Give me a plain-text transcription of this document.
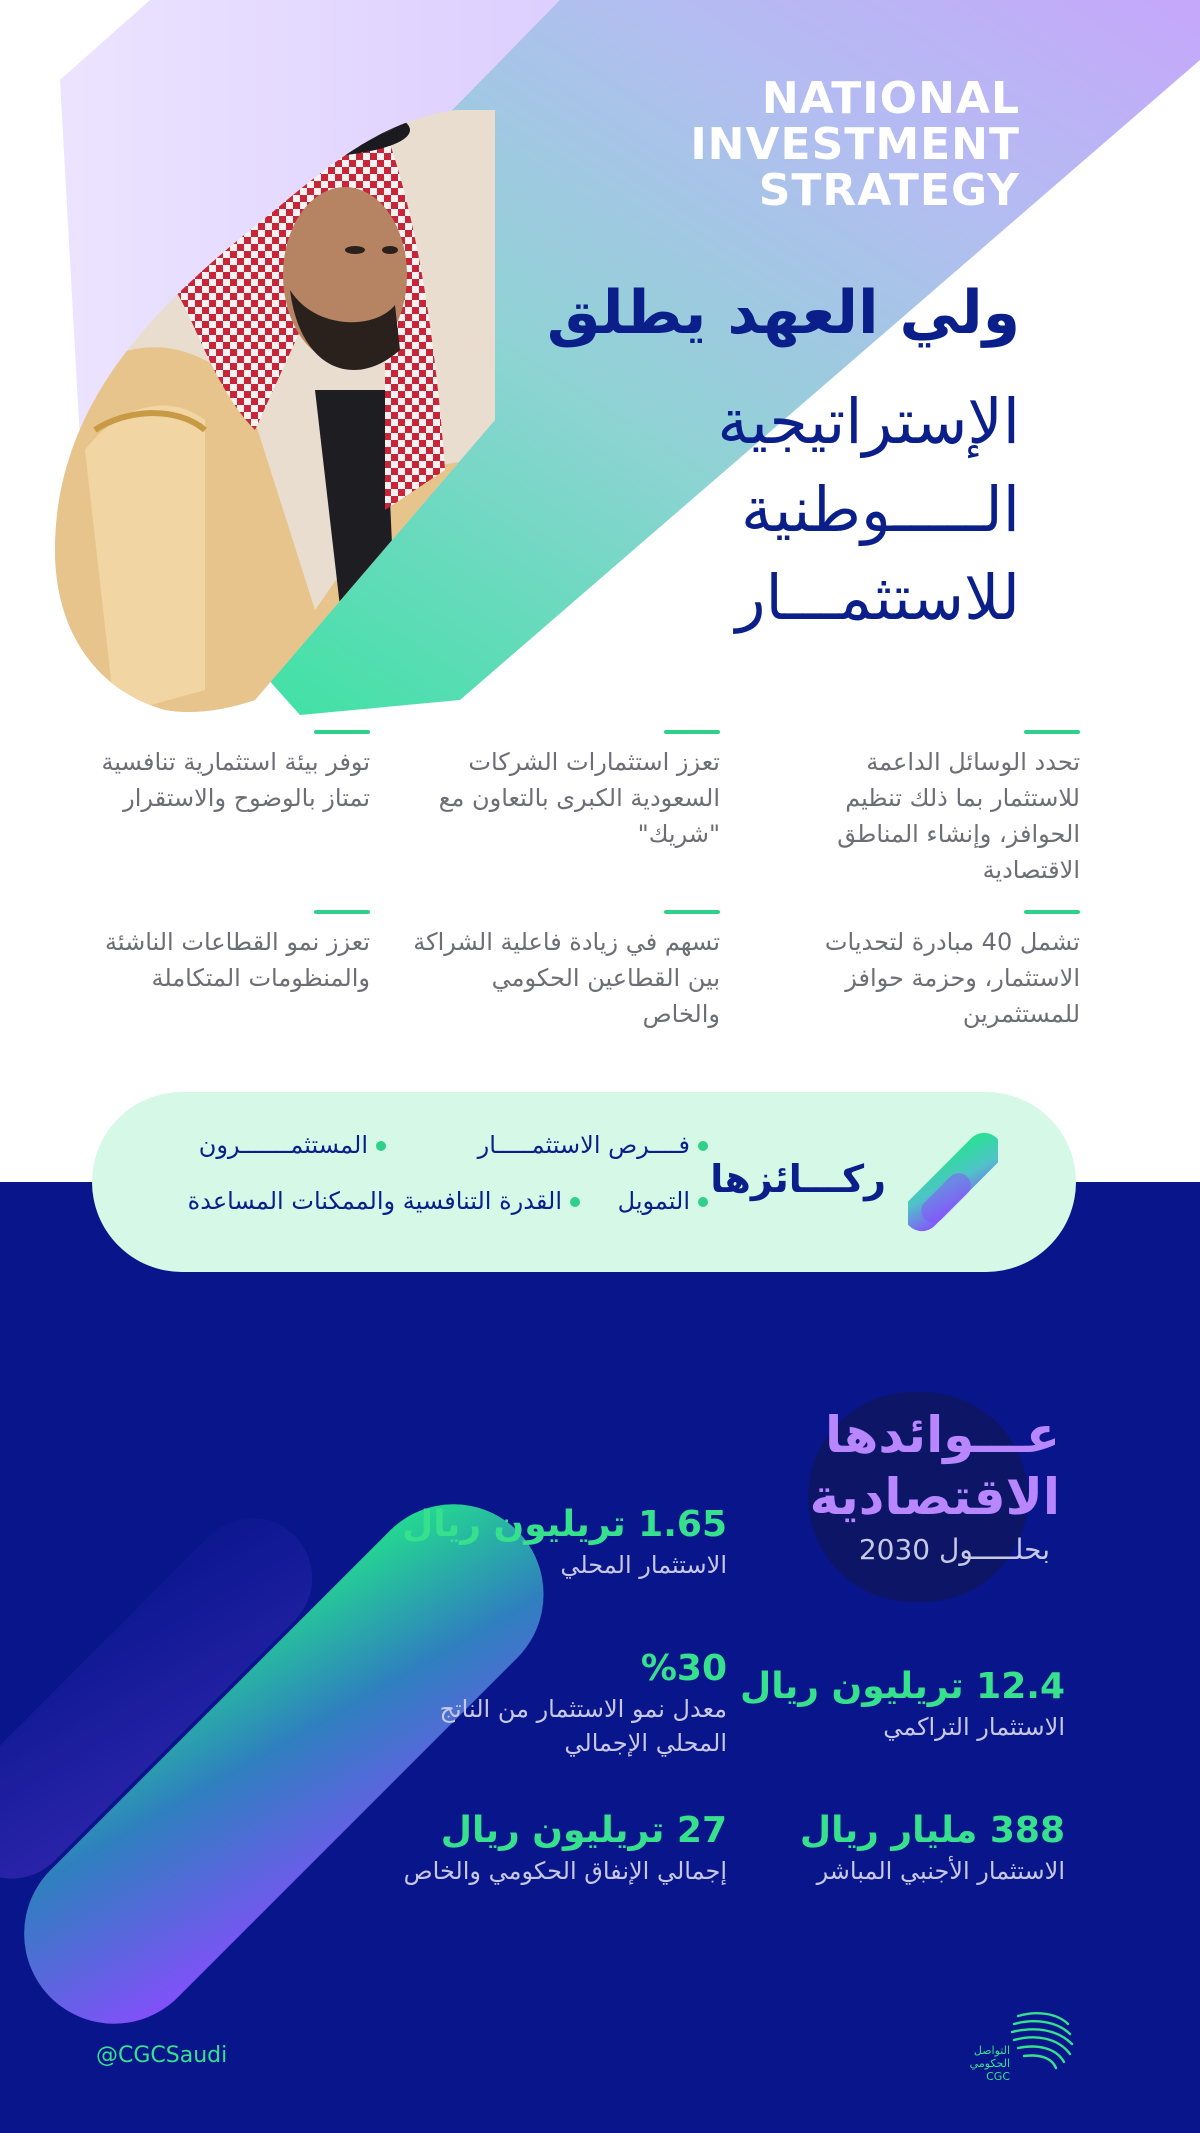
NATIONAL
INVESTMENT
STRATEGY
ولي العهد يطلق
الإستراتيجية
الـــــوطنية
للاستثمـــار
تحدد الوسائل الداعمة للاستثمار بما ذلك تنظيم الحوافز، وإنشاء المناطق الاقتصادية
تعزز استثمارات الشركات السعودية الكبرى بالتعاون مع "شريك"
توفر بيئة استثمارية تنافسية تمتاز بالوضوح والاستقرار
تشمل 40 مبادرة لتحديات الاستثمار، وحزمة حوافز للمستثمرين
تسهم في زيادة فاعلية الشراكة بين القطاعين الحكومي والخاص
تعزز نمو القطاعات الناشئة والمنظومات المتكاملة
عـــوائدها
الاقتصادية
بحلـــــول 2030
1.65 تريليون ريال
الاستثمار المحلي
12.4 تريليون ريال
الاستثمار التراكمي
%30
معدل نمو الاستثمار من الناتج المحلي الإجمالي
388 مليار ريال
الاستثمار الأجنبي المباشر
27 تريليون ريال
إجمالي الإنفاق الحكومي والخاص
@CGCSaudi	التواصل
الحكومي
CGC
ركـــائزها
فــــرص الاستثمـــــار
المستثمـــــــرون
التمويل
القدرة التنافسية والممكنات المساعدة
